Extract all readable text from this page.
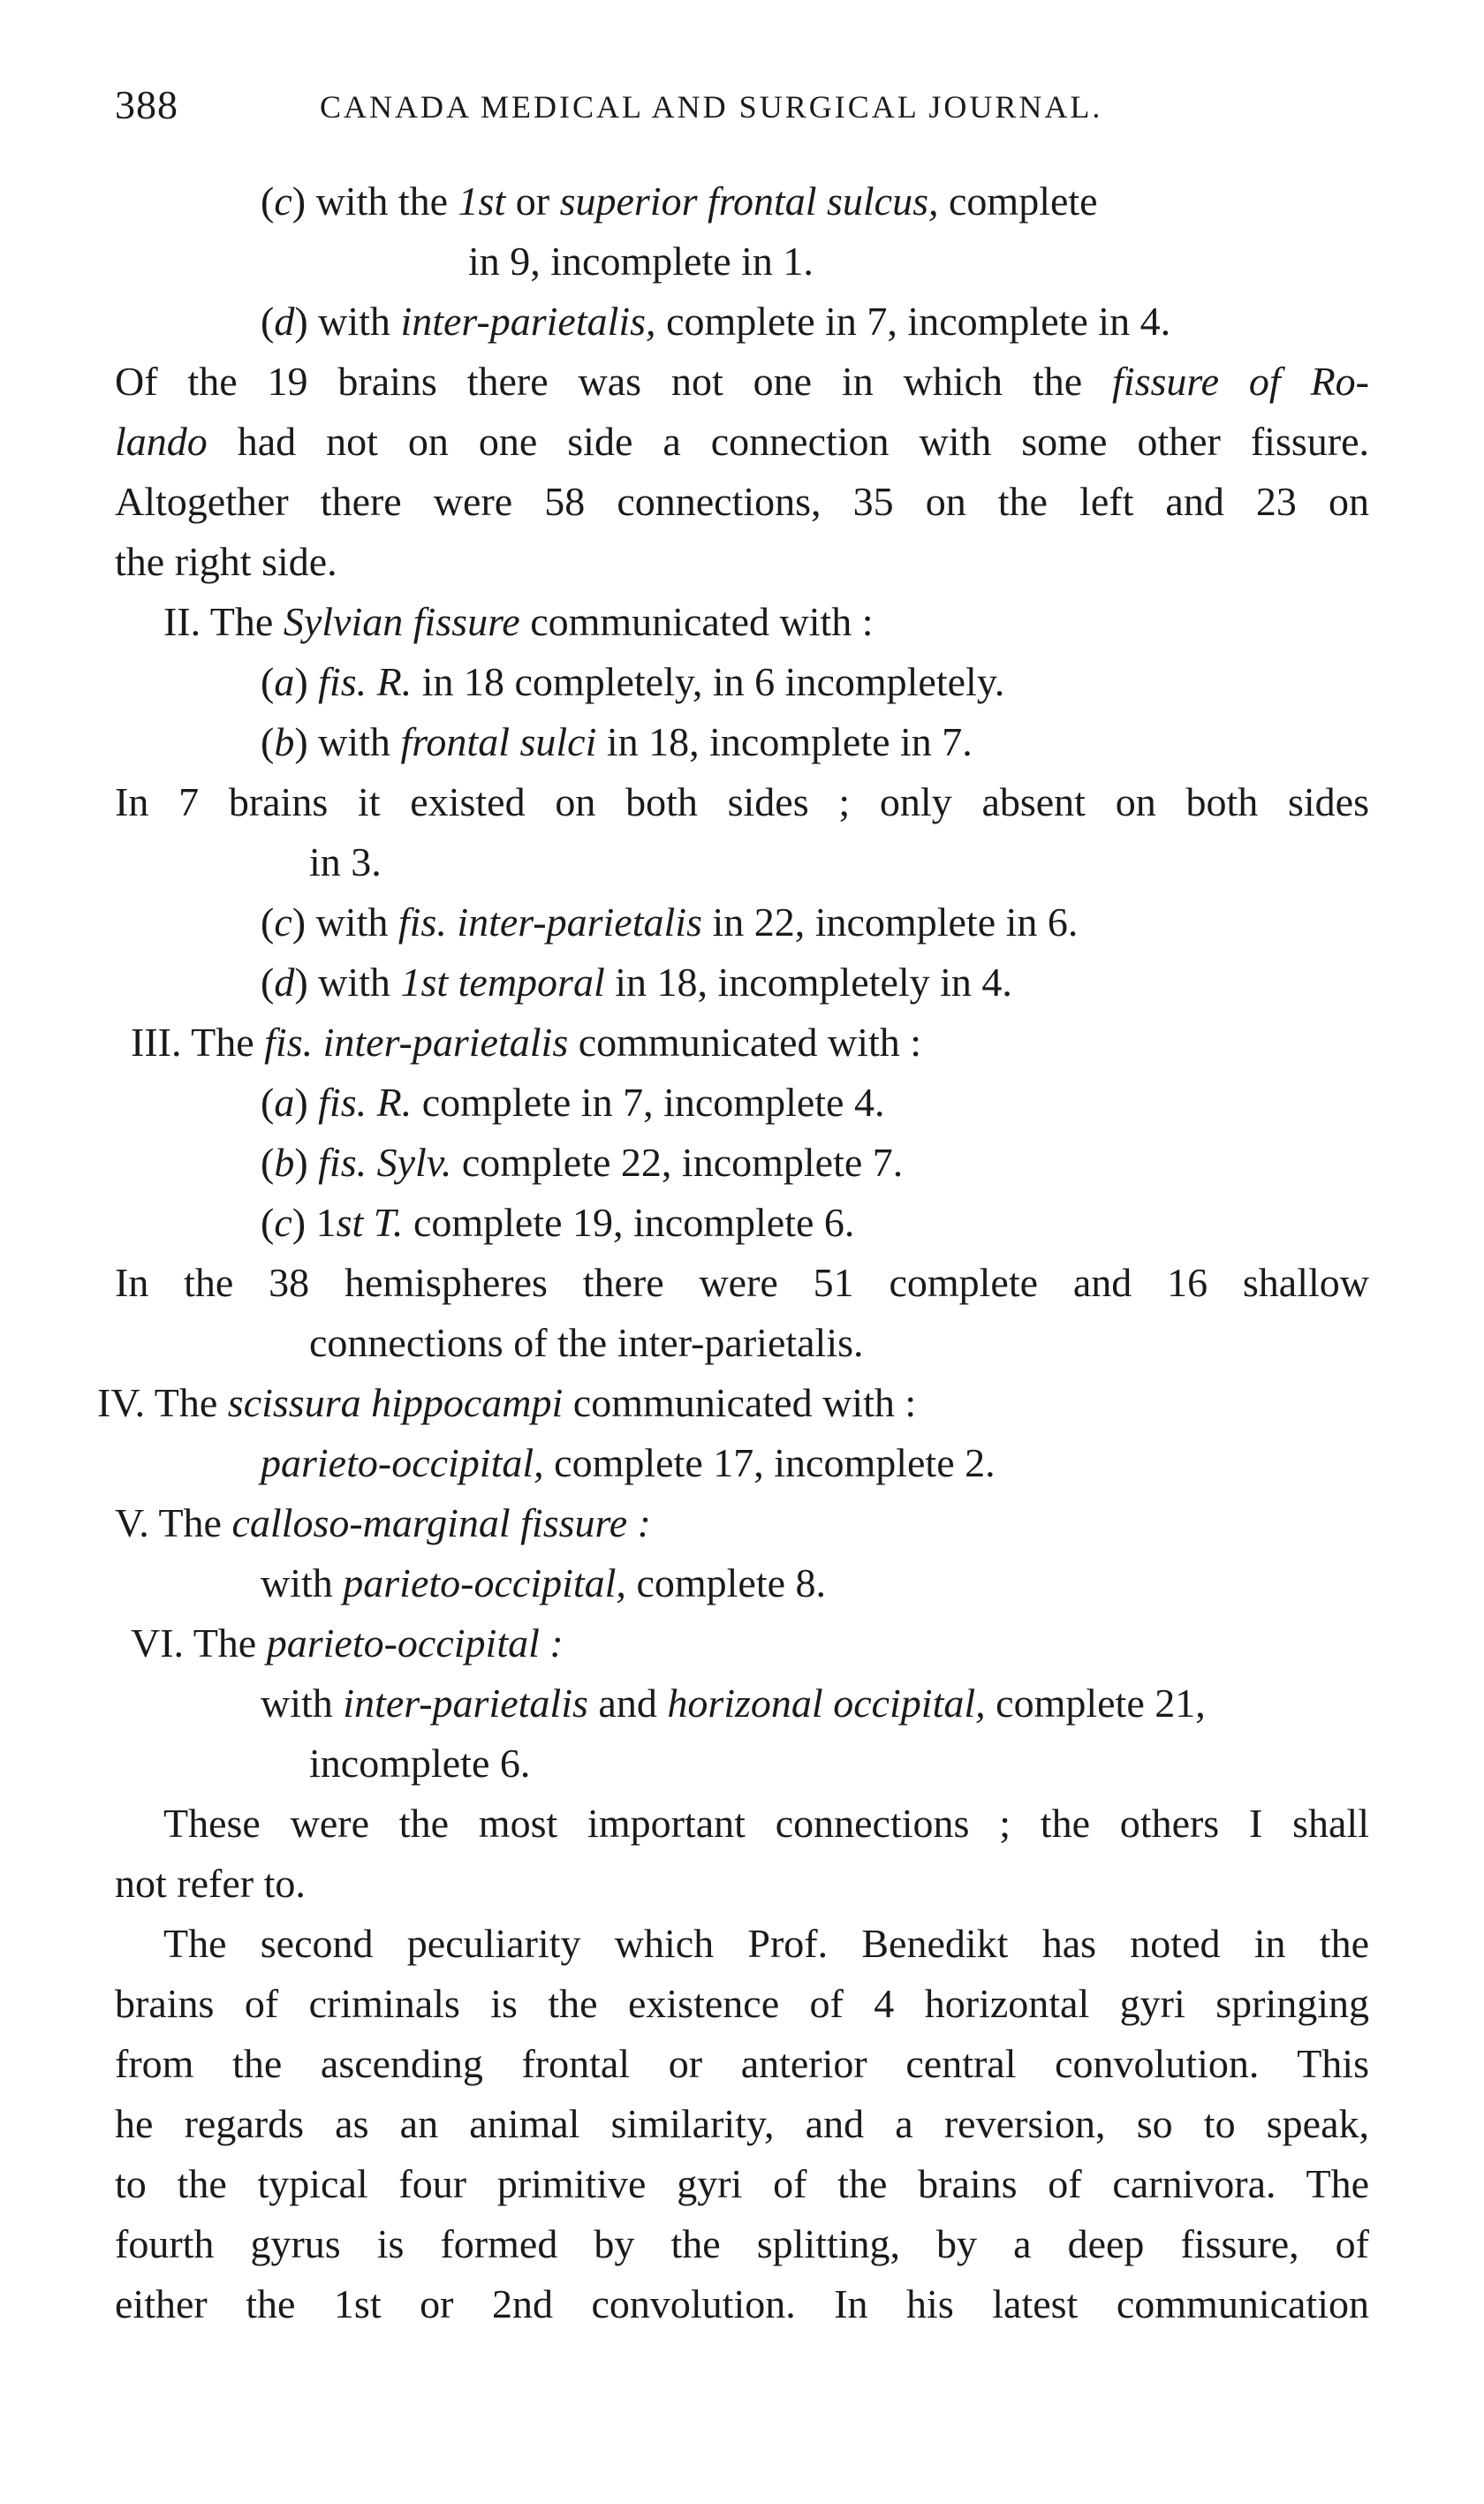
388	CANADA MEDICAL AND SURGICAL JOURNAL.

(c) with the 1st or superior frontal sulcus, complete

in 9, incomplete in 1.

(d) with inter-parietalis, complete in 7, incomplete in 4.

Of the 19 brains there was not one in which the fissure of Ro-

lando had not on one side a connection with some other fissure.

Altogether there were 58 connections, 35 on the left and 23 on

the right side.

II. The Sylvian fissure communicated with :

(a) fis. R. in 18 completely, in 6 incompletely.

(b) with frontal sulci in 18, incomplete in 7.

In 7 brains it existed on both sides ; only absent on both sides

in 3.

(c) with fis. inter-parietalis in 22, incomplete in 6.

(d) with 1st temporal in 18, incompletely in 4.

III. The fis. inter-parietalis communicated with :

(a) fis. R. complete in 7, incomplete 4.

(b) fis. Sylv. complete 22, incomplete 7.

(c) 1st T. complete 19, incomplete 6.

In the 38 hemispheres there were 51 complete and 16 shallow

connections of the inter-parietalis.

IV. The scissura hippocampi communicated with :

parieto-occipital, complete 17, incomplete 2.

V. The calloso-marginal fissure :

with parieto-occipital, complete 8.

VI. The parieto-occipital :

with inter-parietalis and horizonal occipital, complete 21,

incomplete 6.

These were the most important connections ; the others I shall

not refer to.

The second peculiarity which Prof. Benedikt has noted in the

brains of criminals is the existence of 4 horizontal gyri springing

from the ascending frontal or anterior central convolution. This

he regards as an animal similarity, and a reversion, so to speak,

to the typical four primitive gyri of the brains of carnivora. The

fourth gyrus is formed by the splitting, by a deep fissure, of

either the 1st or 2nd convolution. In his latest communication
